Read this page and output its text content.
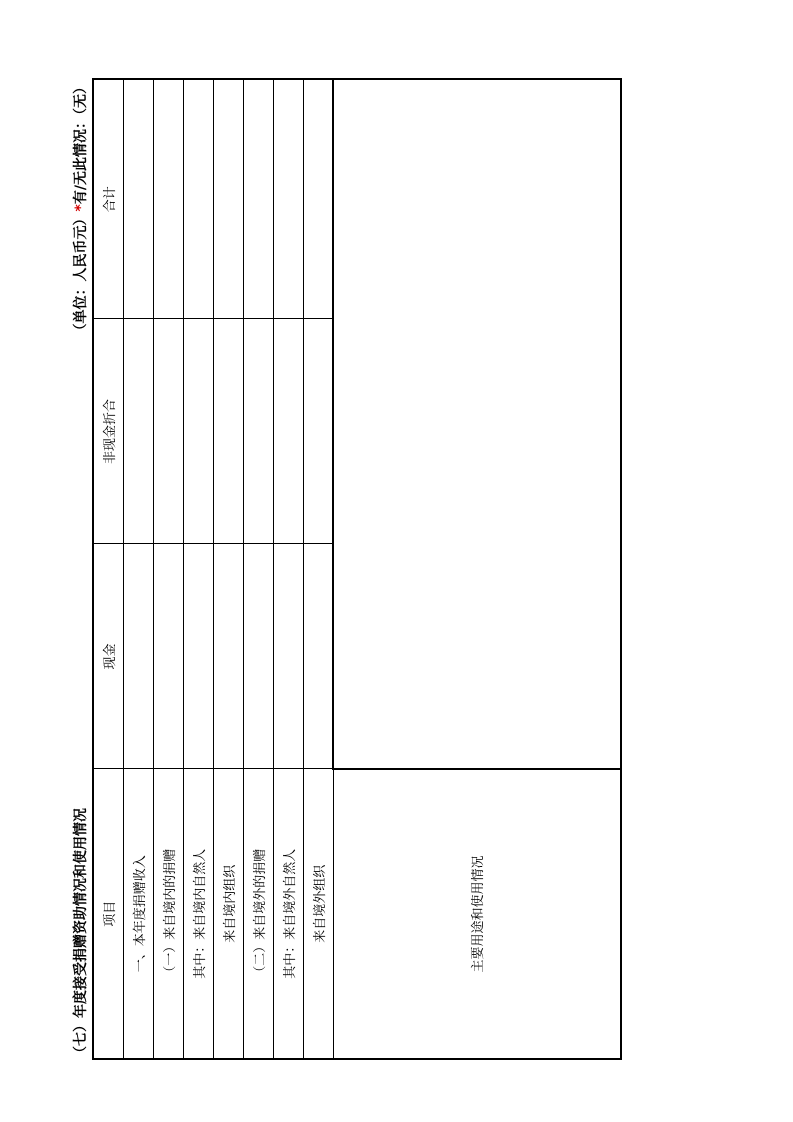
（七）年度接受捐赠资助情况和使用情况
（单位：人民币元）*有/无此情况：（无）
项目	现金	非现金折合	合计
一、本年度捐赠收入			
（一）来自境内的捐赠			
其中：来自境内自然人			
来自境内组织			
（二）来自境外的捐赠			
其中：来自境外自然人			
来自境外组织			
主要用途和使用情况			
